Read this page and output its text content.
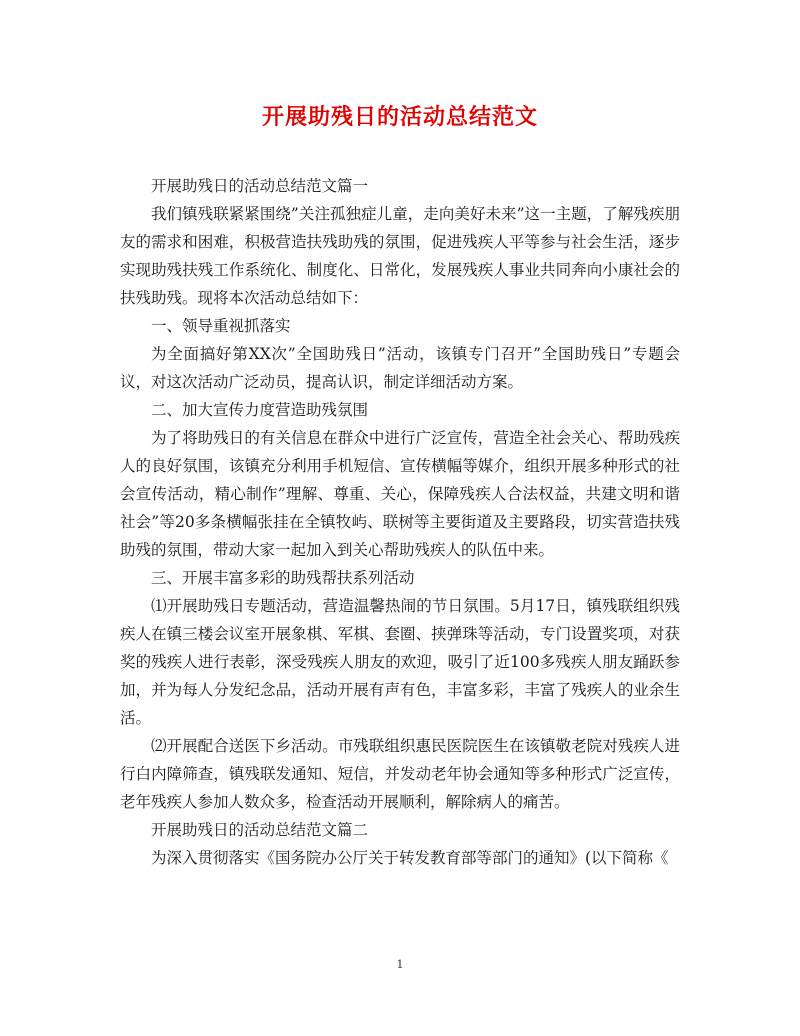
开展助残日的活动总结范文

开展助残日的活动总结范文篇一

我们镇残联紧紧围绕”关注孤独症儿童，走向美好未来”这一主题，了解残疾朋友的需求和困难，积极营造扶残助残的氛围，促进残疾人平等参与社会生活，逐步实现助残扶残工作系统化、制度化、日常化，发展残疾人事业共同奔向小康社会的扶残助残。现将本次活动总结如下：

一、领导重视抓落实

为全面搞好第XX次”全国助残日”活动，该镇专门召开”全国助残日”专题会议，对这次活动广泛动员，提高认识，制定详细活动方案。

二、加大宣传力度营造助残氛围

为了将助残日的有关信息在群众中进行广泛宣传，营造全社会关心、帮助残疾人的良好氛围，该镇充分利用手机短信、宣传横幅等媒介，组织开展多种形式的社会宣传活动，精心制作”理解、尊重、关心，保障残疾人合法权益，共建文明和谐社会”等20多条横幅张挂在全镇牧屿、联树等主要街道及主要路段，切实营造扶残助残的氛围，带动大家一起加入到关心帮助残疾人的队伍中来。

三、开展丰富多彩的助残帮扶系列活动

⑴开展助残日专题活动，营造温馨热闹的节日氛围。5月17日，镇残联组织残疾人在镇三楼会议室开展象棋、军棋、套圈、挟弹珠等活动，专门设置奖项，对获奖的残疾人进行表彰，深受残疾人朋友的欢迎，吸引了近100多残疾人朋友踊跃参加，并为每人分发纪念品，活动开展有声有色，丰富多彩，丰富了残疾人的业余生活。

⑵开展配合送医下乡活动。市残联组织惠民医院医生在该镇敬老院对残疾人进行白内障筛查，镇残联发通知、短信，并发动老年协会通知等多种形式广泛宣传，老年残疾人参加人数众多，检查活动开展顺利，解除病人的痛苦。

开展助残日的活动总结范文篇二

为深入贯彻落实《国务院办公厅关于转发教育部等部门的通知》(以下简称《

1
